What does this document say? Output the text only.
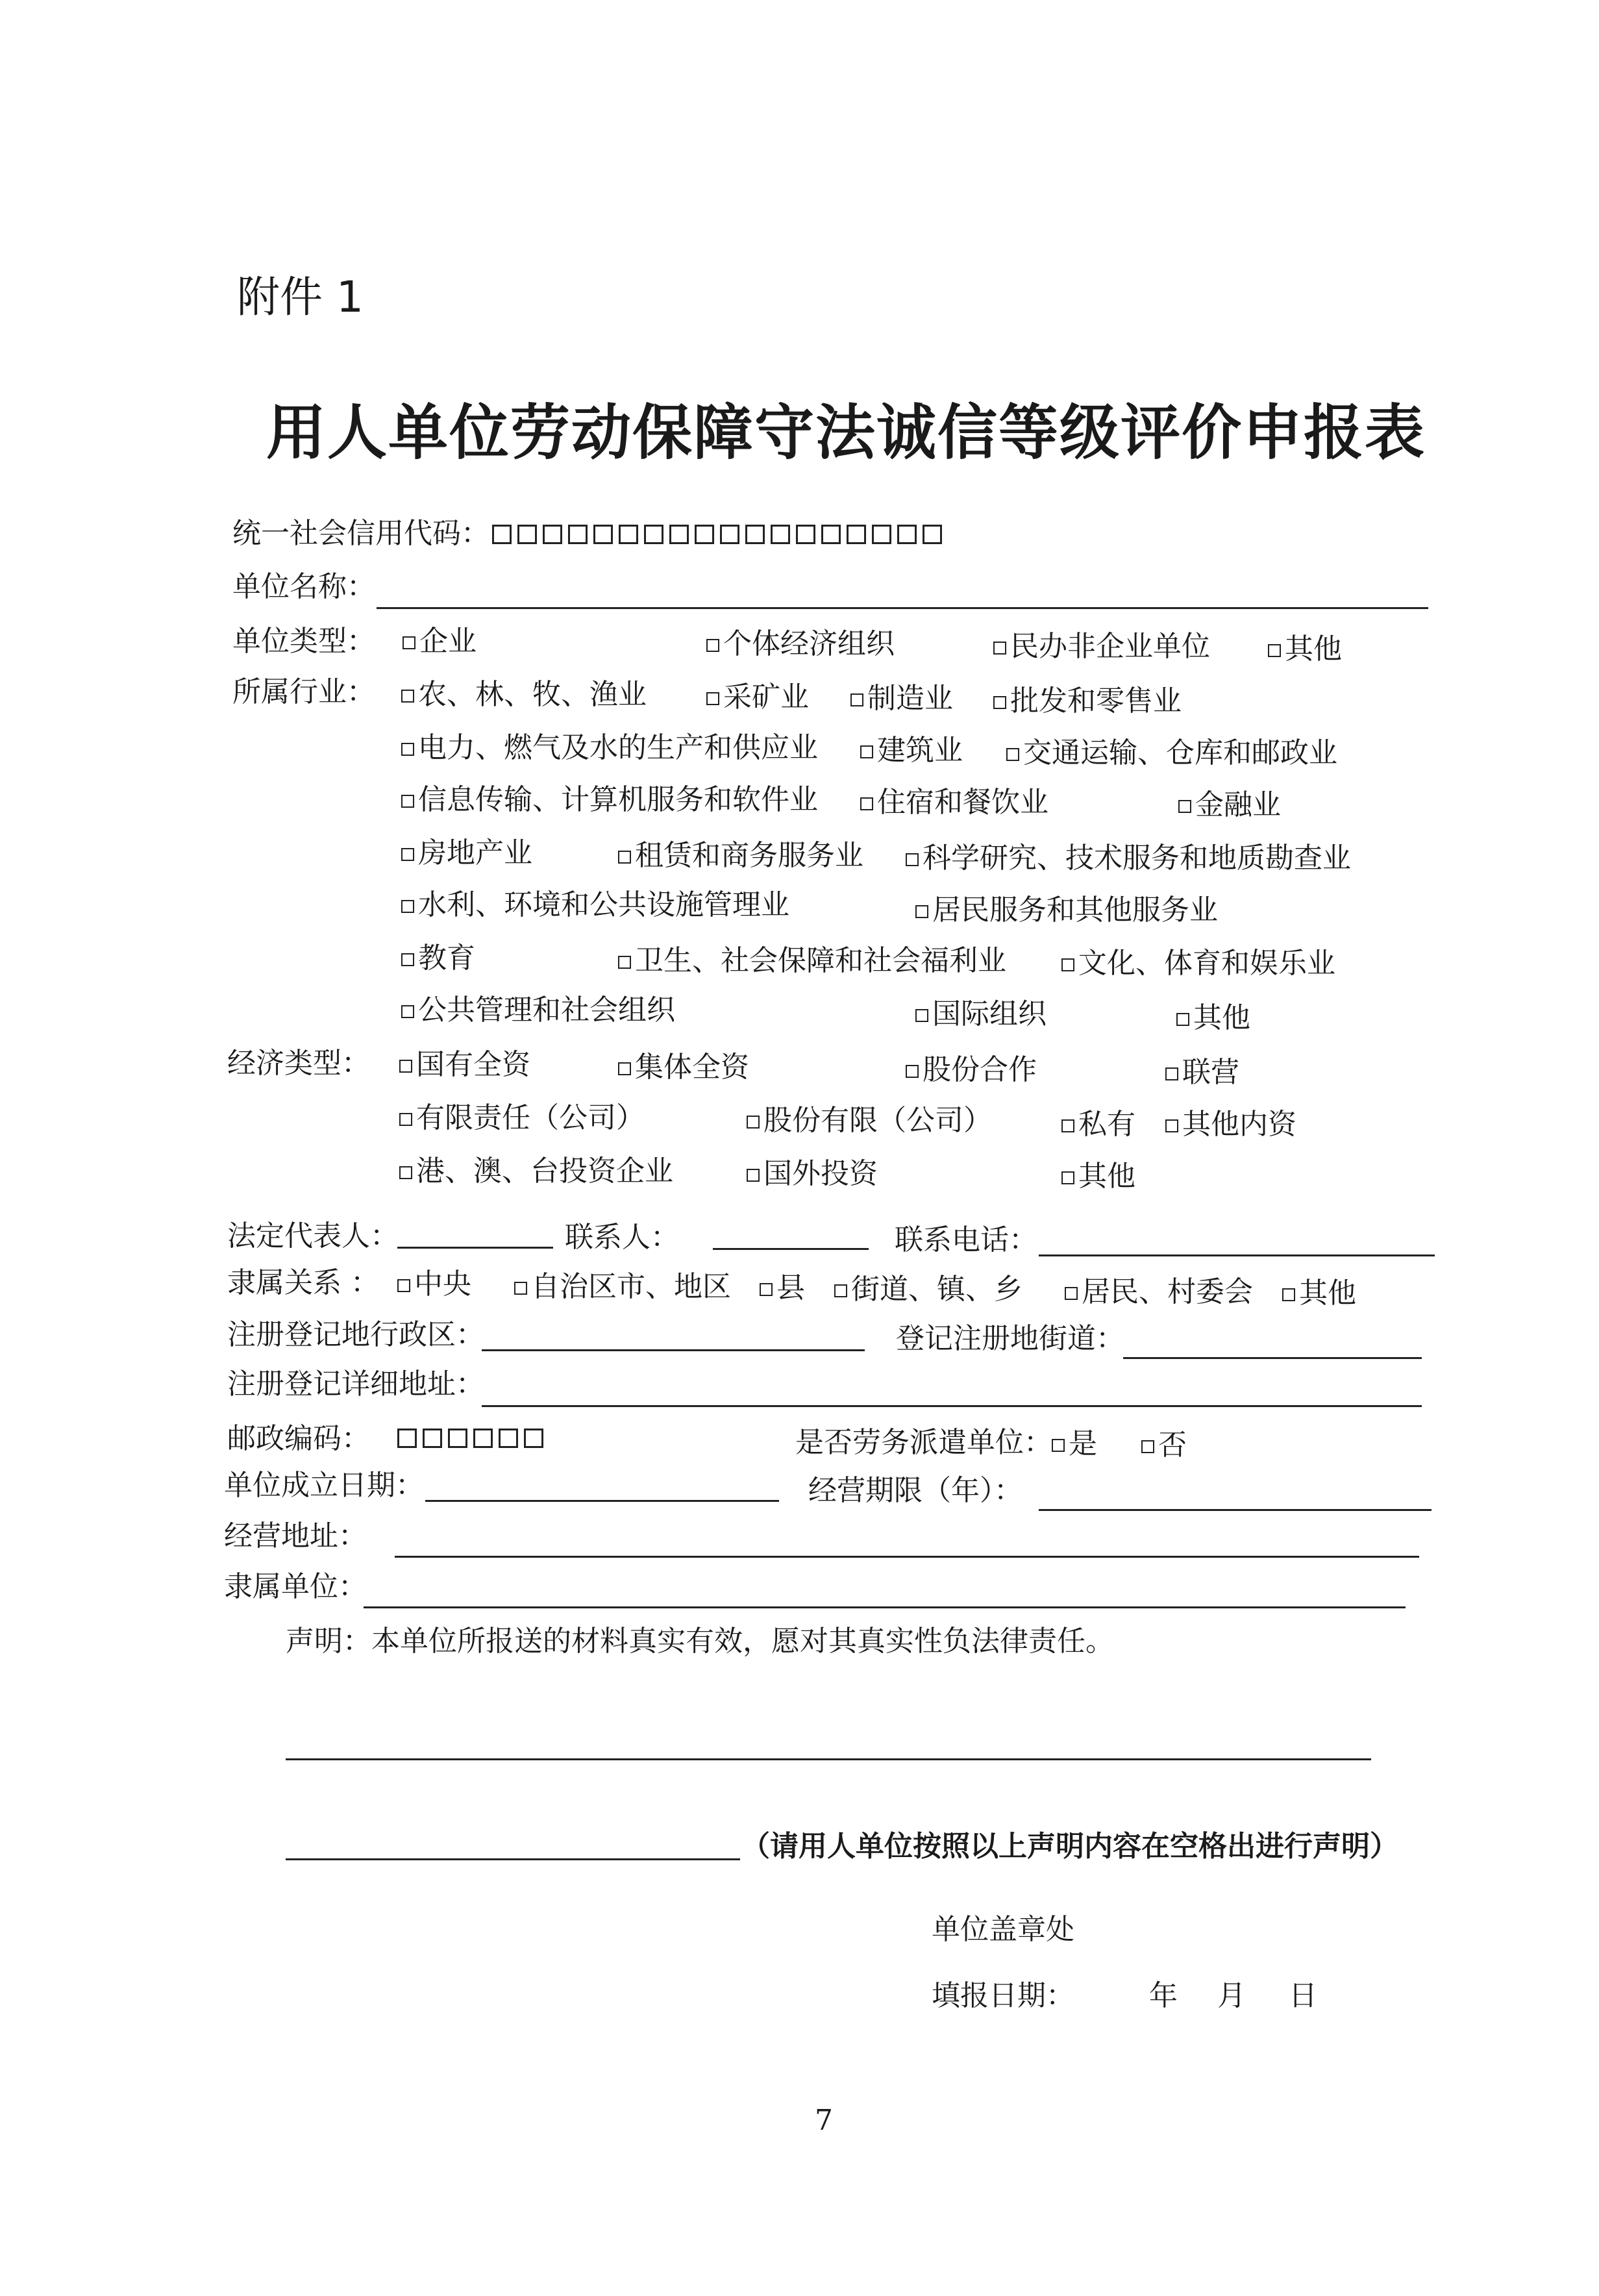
附件 1
用人单位劳动保障守法诚信等级评价申报表
统一社会信用代码：
单位名称：
单位类型：	企业	个体经济组织	民办非企业单位	其他
所属行业：	农、林、牧、渔业	采矿业	制造业	批发和零售业
电力、燃气及水的生产和供应业	建筑业	交通运输、仓库和邮政业
信息传输、计算机服务和软件业	住宿和餐饮业	金融业
房地产业	租赁和商务服务业	科学研究、技术服务和地质勘查业
水利、环境和公共设施管理业	居民服务和其他服务业
教育	卫生、社会保障和社会福利业	文化、体育和娱乐业
公共管理和社会组织	国际组织	其他
经济类型：	国有全资	集体全资	股份合作	联营
有限责任（公司）	股份有限（公司）	私有	其他内资
港、澳、台投资企业	国外投资	其他
法定代表人：	联系人：	联系电话：
隶属关系 ：	中央	自治区市、地区	县	街道、镇、乡	居民、村委会	其他
注册登记地行政区：	登记注册地街道：
注册登记详细地址：
邮政编码：	是否劳务派遣单位： 是	否
单位成立日期：	经营期限（年）：
经营地址：
隶属单位：
声明：本单位所报送的材料真实有效，愿对其真实性负法律责任。
（请用人单位按照以上声明内容在空格出进行声明）
单位盖章处
填报日期：	年 月 日
7
